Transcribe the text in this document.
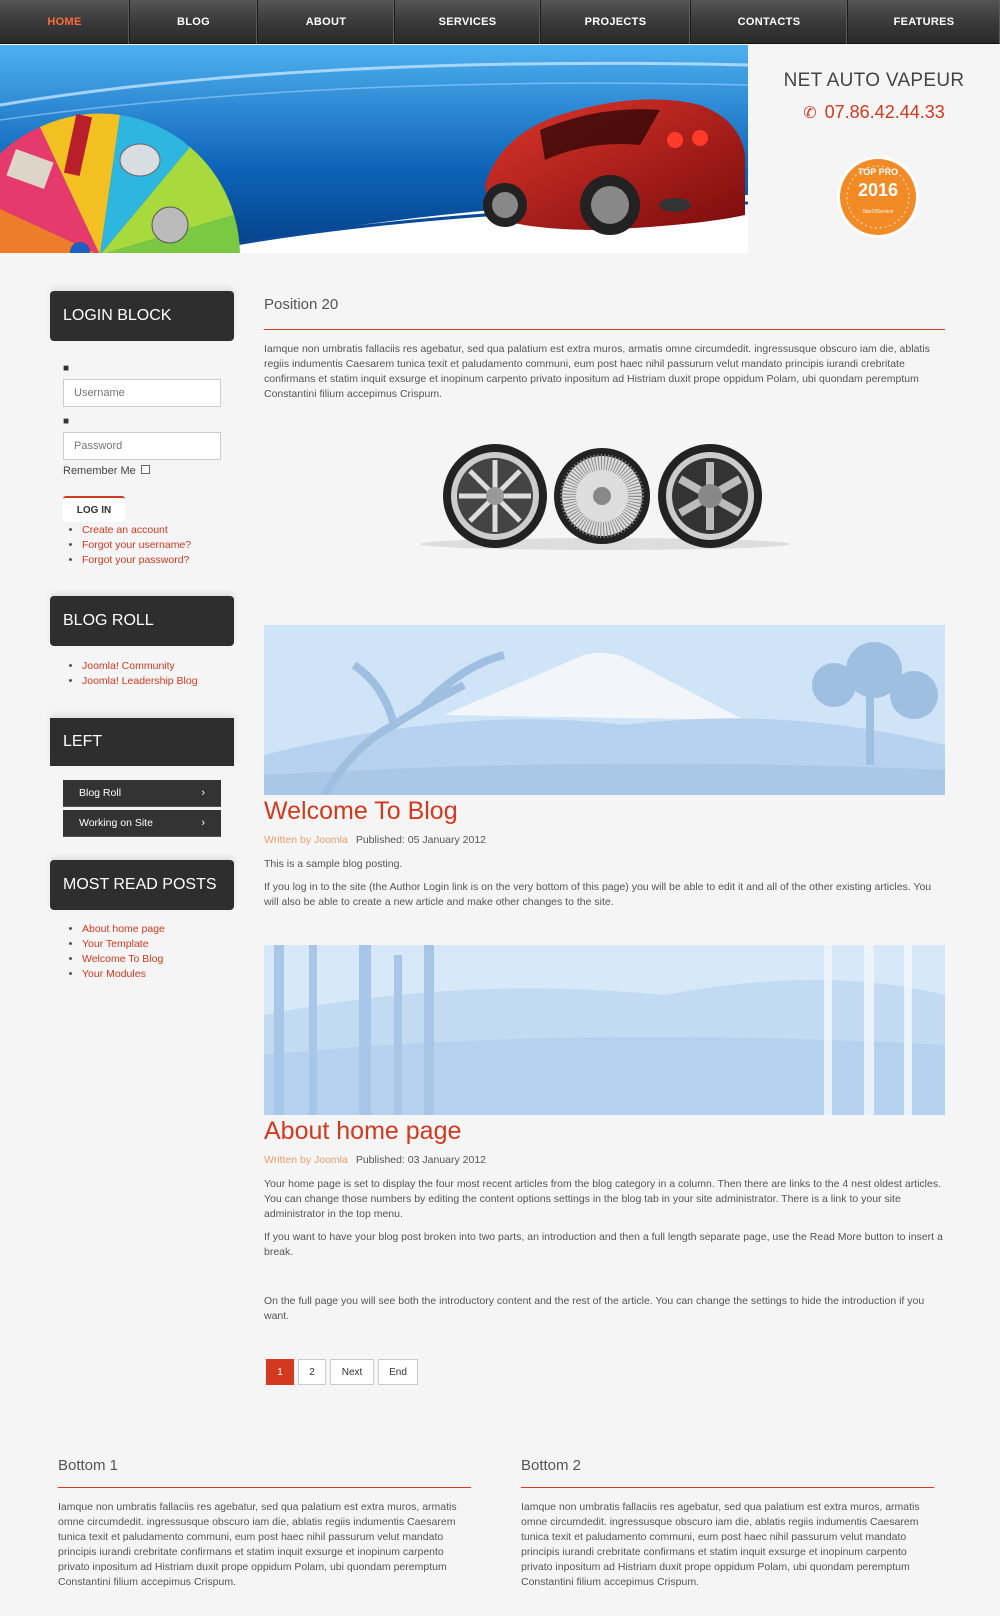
HOME	BLOG	ABOUT	SERVICES	PROJECTS	CONTACTS	FEATURES
NET AUTO VAPEUR
✆ 07.86.42.44.33
TOP PRO
2016
StarOfService
LOGIN BLOCK
■
Username
■
Remember Me
LOG IN
• Create an account
• Forgot your username?
• Forgot your password?
BLOG ROLL
• Joomla! Community
• Joomla! Leadership Blog
LEFT
Blog Roll	›
Working on Site	›
MOST READ POSTS
• About home page
• Your Template
• Welcome To Blog
• Your Modules
Position 20
Iamque non umbratis fallaciis res agebatur, sed qua palatium est extra muros, armatis omne circumdedit. ingressusque obscuro iam die, ablatis regiis indumentis Caesarem tunica texit et paludamento communi, eum post haec nihil passurum velut mandato principis iurandi crebritate confirmans et statim inquit exsurge et inopinum carpento privato inpositum ad Histriam duxit prope oppidum Polam, ubi quondam peremptum Constantini filium accepimus Crispum.
Welcome To Blog
Written by Joomla Published: 05 January 2012
This is a sample blog posting.
If you log in to the site (the Author Login link is on the very bottom of this page) you will be able to edit it and all of the other existing articles. You will also be able to create a new article and make other changes to the site.
About home page
Written by Joomla Published: 03 January 2012
Your home page is set to display the four most recent articles from the blog category in a column. Then there are links to the 4 nest oldest articles. You can change those numbers by editing the content options settings in the blog tab in your site administrator. There is a link to your site administrator in the top menu.
If you want to have your blog post broken into two parts, an introduction and then a full length separate page, use the Read More button to insert a break.
On the full page you will see both the introductory content and the rest of the article. You can change the settings to hide the introduction if you want.
1	2	Next	End
Bottom 1
Iamque non umbratis fallaciis res agebatur, sed qua palatium est extra muros, armatis omne circumdedit. ingressusque obscuro iam die, ablatis regiis indumentis Caesarem tunica texit et paludamento communi, eum post haec nihil passurum velut mandato principis iurandi crebritate confirmans et statim inquit exsurge et inopinum carpento privato inpositum ad Histriam duxit prope oppidum Polam, ubi quondam peremptum Constantini filium accepimus Crispum.
Bottom 2
Iamque non umbratis fallaciis res agebatur, sed qua palatium est extra muros, armatis omne circumdedit. ingressusque obscuro iam die, ablatis regiis indumentis Caesarem tunica texit et paludamento communi, eum post haec nihil passurum velut mandato principis iurandi crebritate confirmans et statim inquit exsurge et inopinum carpento privato inpositum ad Histriam duxit prope oppidum Polam, ubi quondam peremptum Constantini filium accepimus Crispum.
